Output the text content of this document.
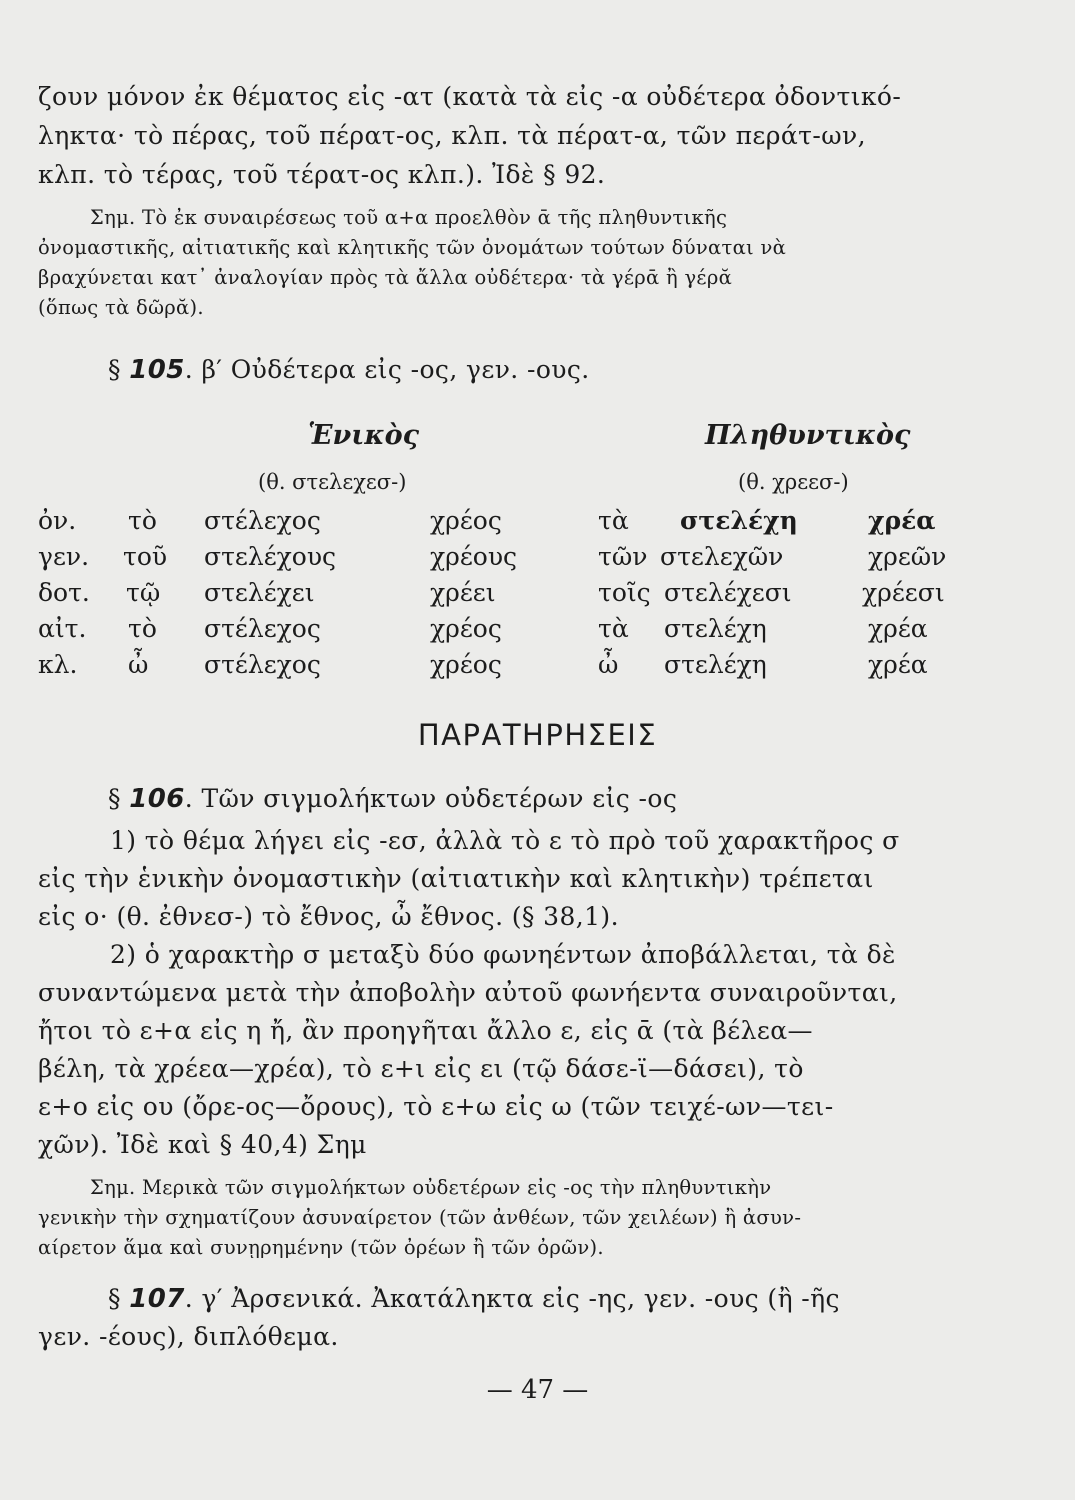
ζουν μόνον ἐκ θέματος εἰς -ατ (κατὰ τὰ εἰς -α οὐδέτερα ὀδοντικό-
ληκτα· τὸ πέρας, τοῦ πέρατ-ος, κλπ. τὰ πέρατ-α, τῶν περάτ-ων,
κλπ. τὸ τέρας, τοῦ τέρατ-ος κλπ.). Ἰδὲ § 92.
Σημ. Τὸ ἐκ συναιρέσεως τοῦ α+α προελθὸν ᾱ τῆς πληθυντικῆς
ὀνομαστικῆς, αἰτιατικῆς καὶ κλητικῆς τῶν ὀνομάτων τούτων δύναται νὰ
βραχύνεται κατ᾽ ἀναλογίαν πρὸς τὰ ἄλλα οὐδέτερα· τὰ γέρᾱ ἢ γέρᾰ
(ὅπως τὰ δῶρᾰ).
§ 105. β′ Οὐδέτερα εἰς -ος, γεν. -ους.
Ἑνικὸς	Πληθυντικὸς
(θ. στελεχεσ-)	(θ. χρεεσ-)
ὀν. τὸ στέλεχος	χρέος	τὰ στελέχη	χρέα
γεν. τοῦ στελέχους	χρέους	τῶν στελεχῶν	χρεῶν
δοτ. τῷ στελέχει	χρέει	τοῖς στελέχεσι	χρέεσι
αἰτ. τὸ στέλεχος	χρέος	τὰ στελέχη	χρέα
κλ. ὦ στέλεχος	χρέος	ὦ στελέχη	χρέα
ΠΑΡΑΤΗΡΗΣΕΙΣ
§ 106. Τῶν σιγμολήκτων οὐδετέρων εἰς -ος
1) τὸ θέμα λήγει εἰς -εσ, ἀλλὰ τὸ ε τὸ πρὸ τοῦ χαρακτῆρος σ
εἰς τὴν ἑνικὴν ὀνομαστικὴν (αἰτιατικὴν καὶ κλητικὴν) τρέπεται
εἰς ο· (θ. ἐθνεσ-) τὸ ἔθνος, ὦ ἔθνος. (§ 38,1).
2) ὁ χαρακτὴρ σ μεταξὺ δύο φωνηέντων ἀποβάλλεται, τὰ δὲ
συναντώμενα μετὰ τὴν ἀποβολὴν αὐτοῦ φωνήεντα συναιροῦνται,
ἤτοι τὸ ε+α εἰς η ἤ, ἂν προηγῆται ἄλλο ε, εἰς ᾱ (τὰ βέλεα—
βέλη, τὰ χρέεα—χρέα), τὸ ε+ι εἰς ει (τῷ δάσε-ϊ—δάσει), τὸ
ε+ο εἰς ου (ὄρε-ος—ὄρους), τὸ ε+ω εἰς ω (τῶν τειχέ-ων—τει-
χῶν). Ἰδὲ καὶ § 40,4) Σημ
Σημ. Μερικὰ τῶν σιγμολήκτων οὐδετέρων εἰς -ος τὴν πληθυντικὴν
γενικὴν τὴν σχηματίζουν ἀσυναίρετον (τῶν ἀνθέων, τῶν χειλέων) ἢ ἀσυν-
αίρετον ἅμα καὶ συνῃρημένην (τῶν ὀρέων ἢ τῶν ὀρῶν).
§ 107. γ′ Ἀρσενικά. Ἀκατάληκτα εἰς -ης, γεν. -ους (ἢ -ῆς
γεν. -έους), διπλόθεμα.
— 47 —
